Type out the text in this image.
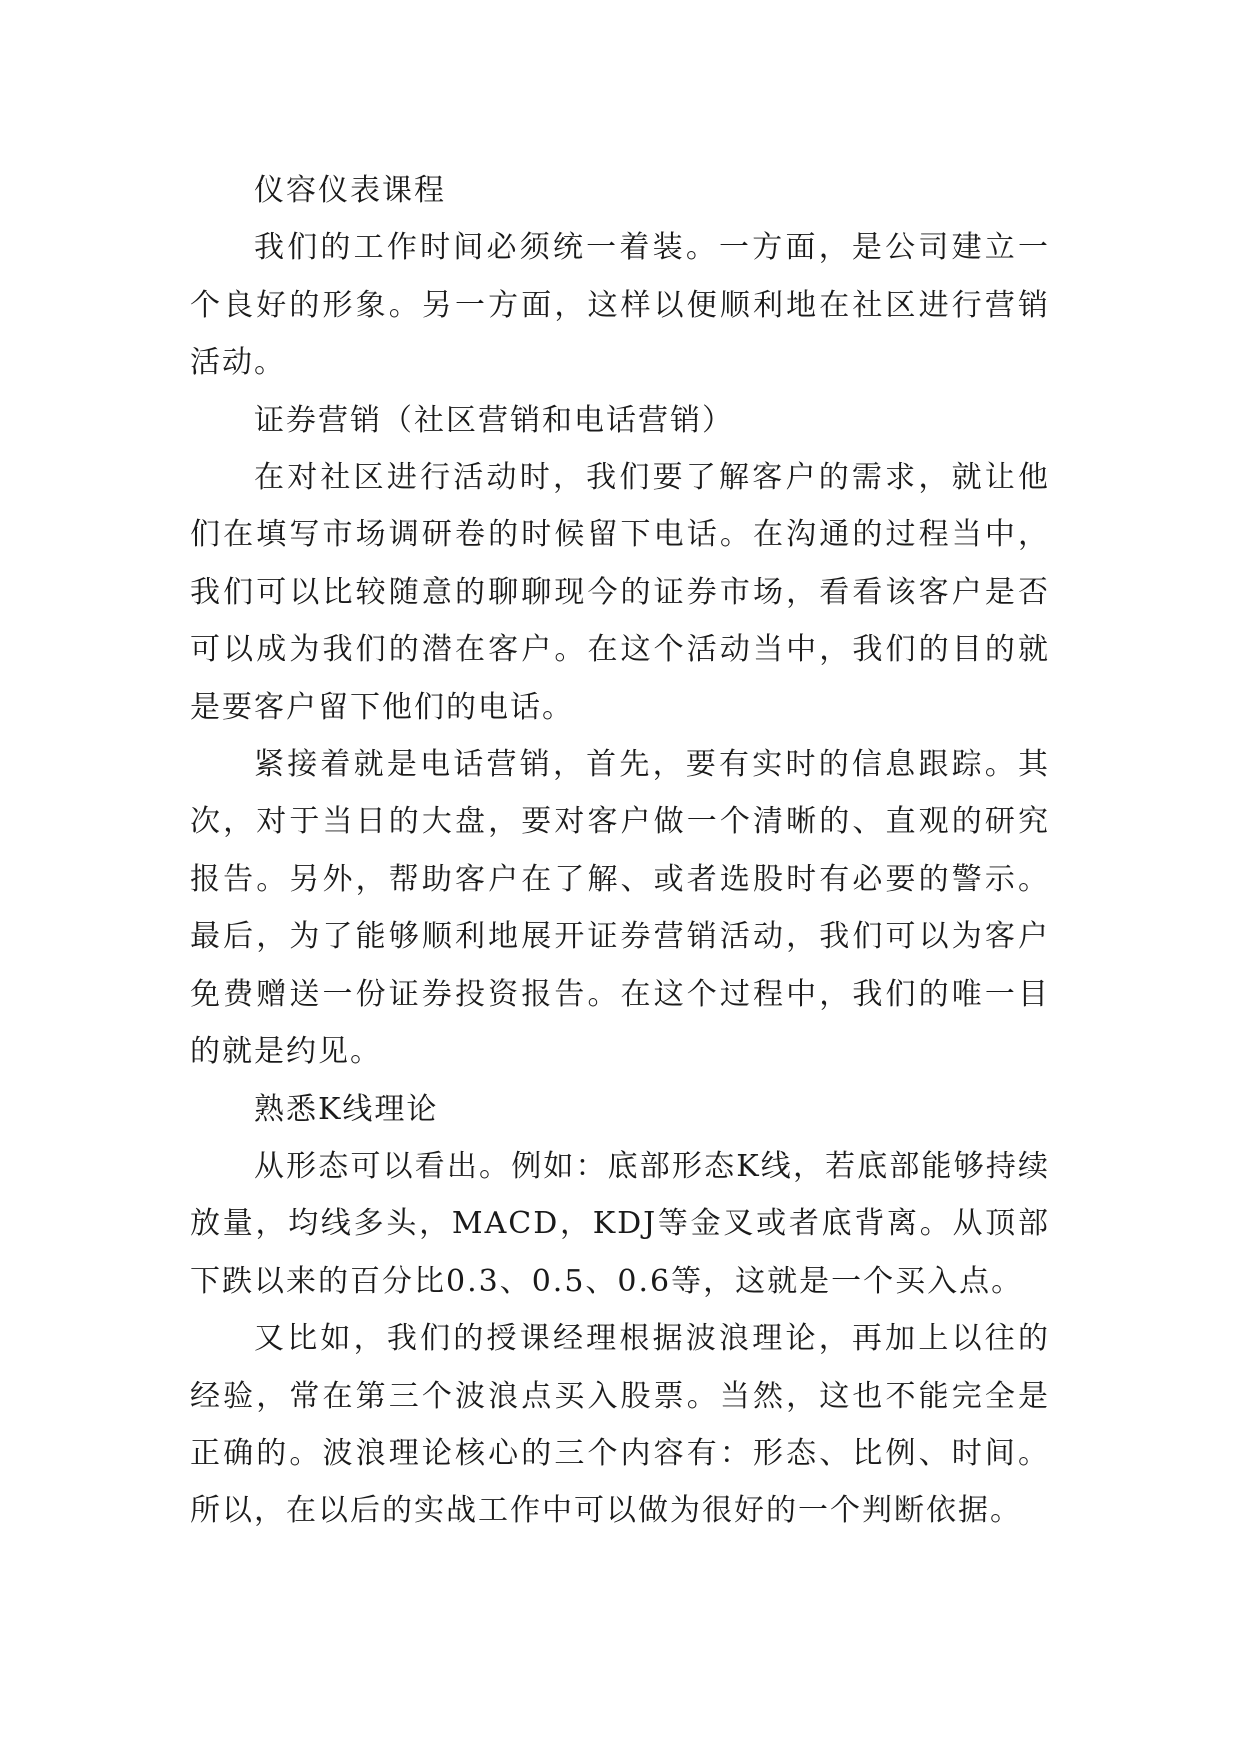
仪容仪表课程

我们的工作时间必须统一着装。一方面，是公司建立一个良好的形象。另一方面，这样以便顺利地在社区进行营销活动。

证券营销（社区营销和电话营销）

在对社区进行活动时，我们要了解客户的需求，就让他们在填写市场调研卷的时候留下电话。在沟通的过程当中，我们可以比较随意的聊聊现今的证券市场，看看该客户是否可以成为我们的潜在客户。在这个活动当中，我们的目的就是要客户留下他们的电话。

紧接着就是电话营销，首先，要有实时的信息跟踪。其次，对于当日的大盘，要对客户做一个清晰的、直观的研究报告。另外，帮助客户在了解、或者选股时有必要的警示。最后，为了能够顺利地展开证券营销活动，我们可以为客户免费赠送一份证券投资报告。在这个过程中，我们的唯一目的就是约见。

熟悉K线理论

从形态可以看出。例如：底部形态K线，若底部能够持续放量，均线多头，MACD，KDJ等金叉或者底背离。从顶部下跌以来的百分比0.3、0.5、0.6等，这就是一个买入点。

又比如，我们的授课经理根据波浪理论，再加上以往的经验，常在第三个波浪点买入股票。当然，这也不能完全是正确的。波浪理论核心的三个内容有：形态、比例、时间。所以，在以后的实战工作中可以做为很好的一个判断依据。
